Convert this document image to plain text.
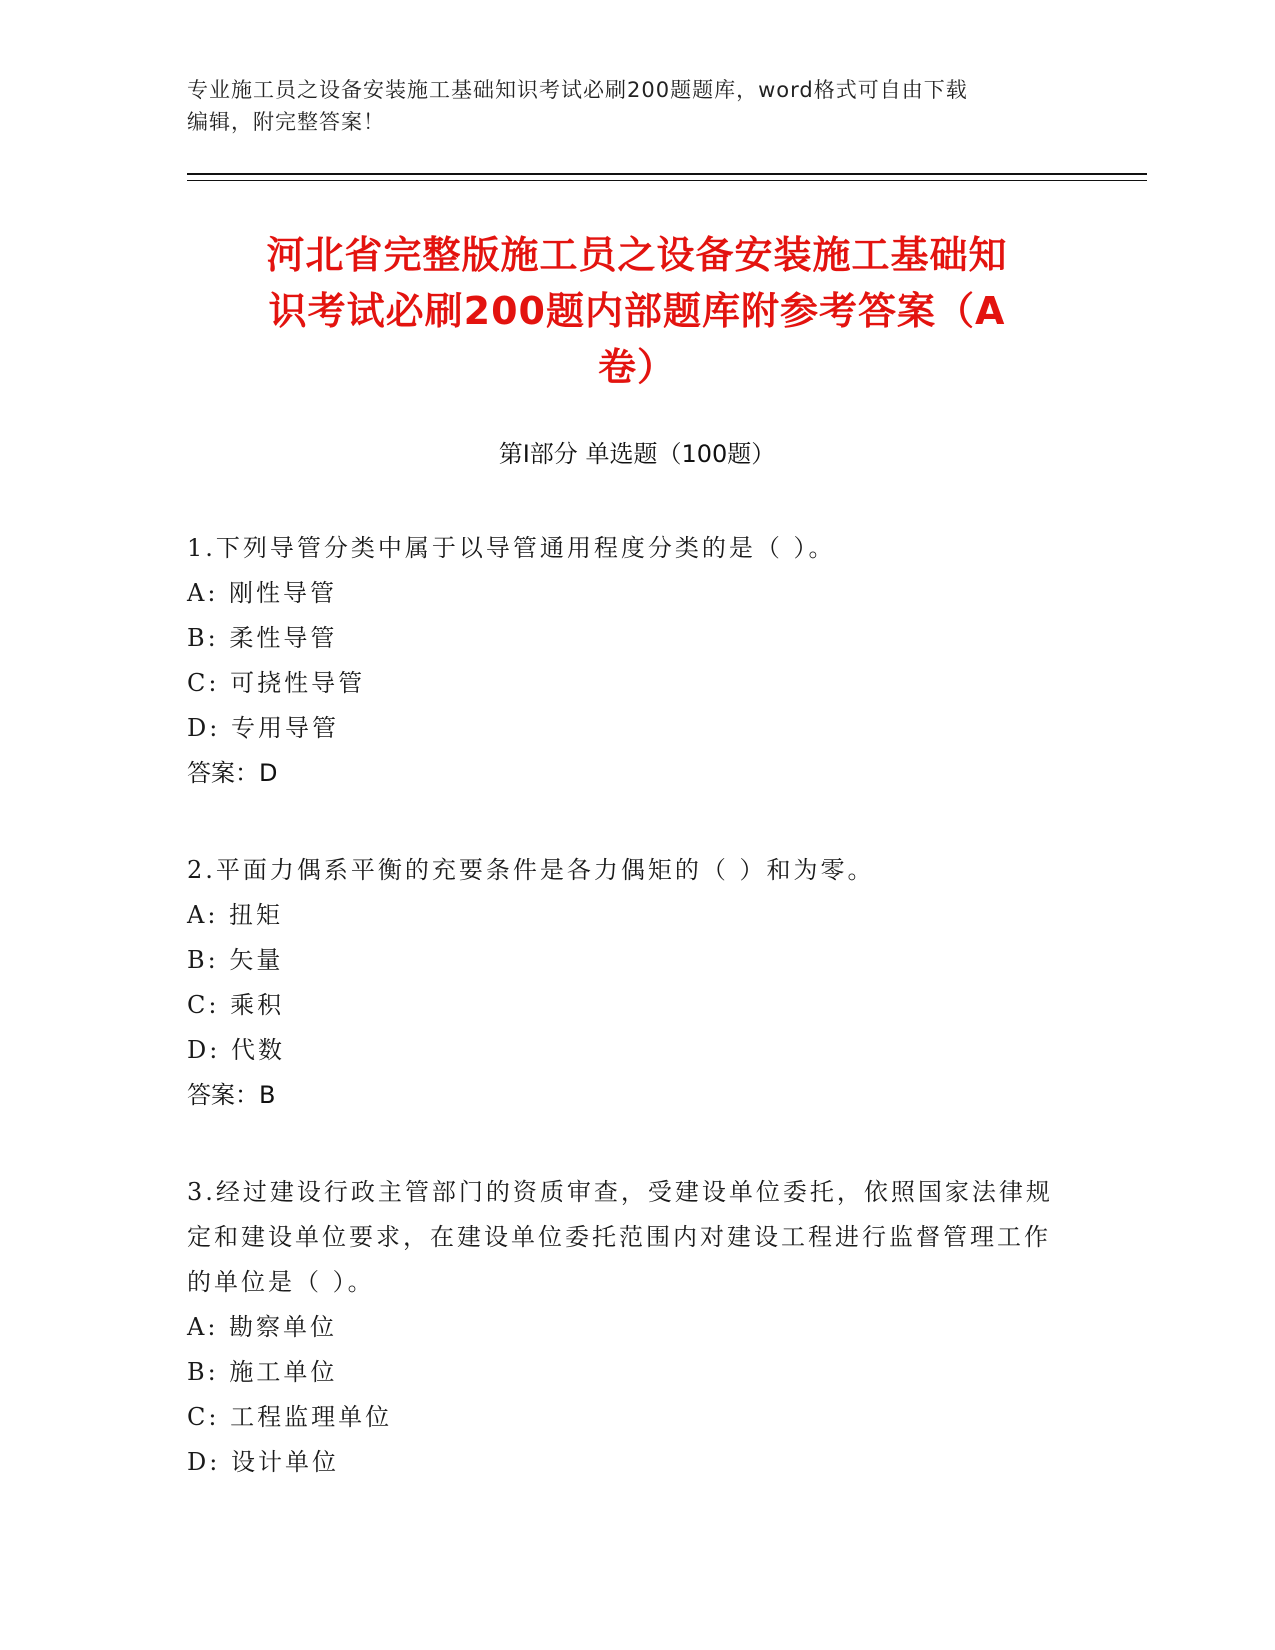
专业施工员之设备安装施工基础知识考试必刷200题题库，word格式可自由下载

编辑，附完整答案！

河北省完整版施工员之设备安装施工基础知

识考试必刷200题内部题库附参考答案（A

卷）

第Ⅰ部分 单选题（100题）

1.下列导管分类中属于以导管通用程度分类的是（ ）。

A: 刚性导管

B: 柔性导管

C: 可挠性导管

D: 专用导管

答案：D

2.平面力偶系平衡的充要条件是各力偶矩的（ ）和为零。

A: 扭矩

B: 矢量

C: 乘积

D: 代数

答案：B

3.经过建设行政主管部门的资质审查，受建设单位委托，依照国家法律规定和建设单位要求，在建设单位委托范围内对建设工程进行监督管理工作的单位是（ ）。

A: 勘察单位

B: 施工单位

C: 工程监理单位

D: 设计单位
